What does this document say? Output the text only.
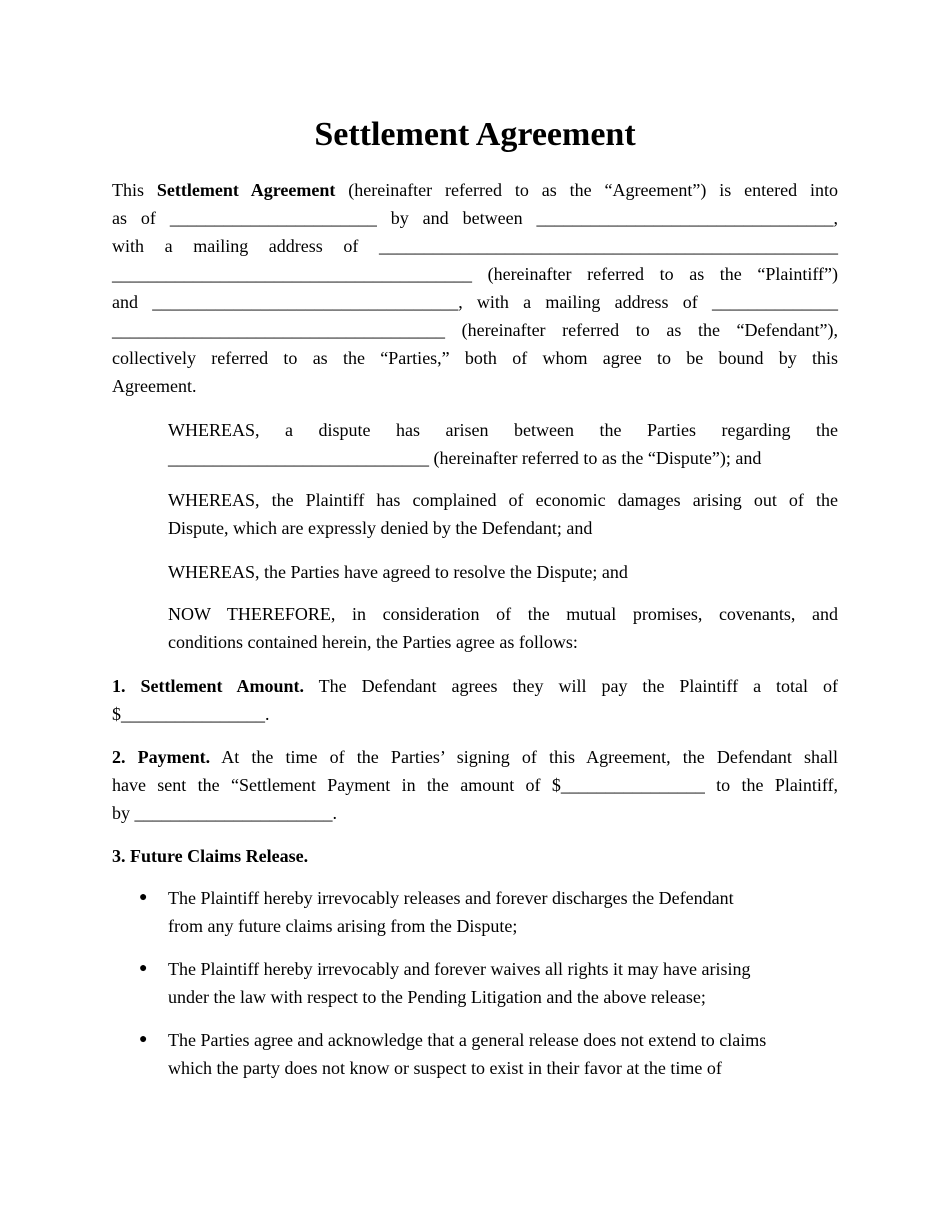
Settlement Agreement
This Settlement Agreement (hereinafter referred to as the “Agreement”) is entered into
as of _______________________ by and between _________________________________,
with a mailing address of ___________________________________________________
________________________________________ (hereinafter referred to as the “Plaintiff”)
and __________________________________, with a mailing address of ______________
_____________________________________ (hereinafter referred to as the “Defendant”),
collectively referred to as the “Parties,” both of whom agree to be bound by this
Agreement.
WHEREAS, a dispute has arisen between the Parties regarding the
_____________________________ (hereinafter referred to as the “Dispute”); and
WHEREAS, the Plaintiff has complained of economic damages arising out of the
Dispute, which are expressly denied by the Defendant; and
WHEREAS, the Parties have agreed to resolve the Dispute; and
NOW THEREFORE, in consideration of the mutual promises, covenants, and
conditions contained herein, the Parties agree as follows:
1. Settlement Amount. The Defendant agrees they will pay the Plaintiff a total of
$________________.
2. Payment. At the time of the Parties’ signing of this Agreement, the Defendant shall
have sent the “Settlement Payment in the amount of $________________ to the Plaintiff,
by ______________________.
3. Future Claims Release.
● The Plaintiff hereby irrevocably releases and forever discharges the Defendant
from any future claims arising from the Dispute;
● The Plaintiff hereby irrevocably and forever waives all rights it may have arising
under the law with respect to the Pending Litigation and the above release;
● The Parties agree and acknowledge that a general release does not extend to claims
which the party does not know or suspect to exist in their favor at the time of
